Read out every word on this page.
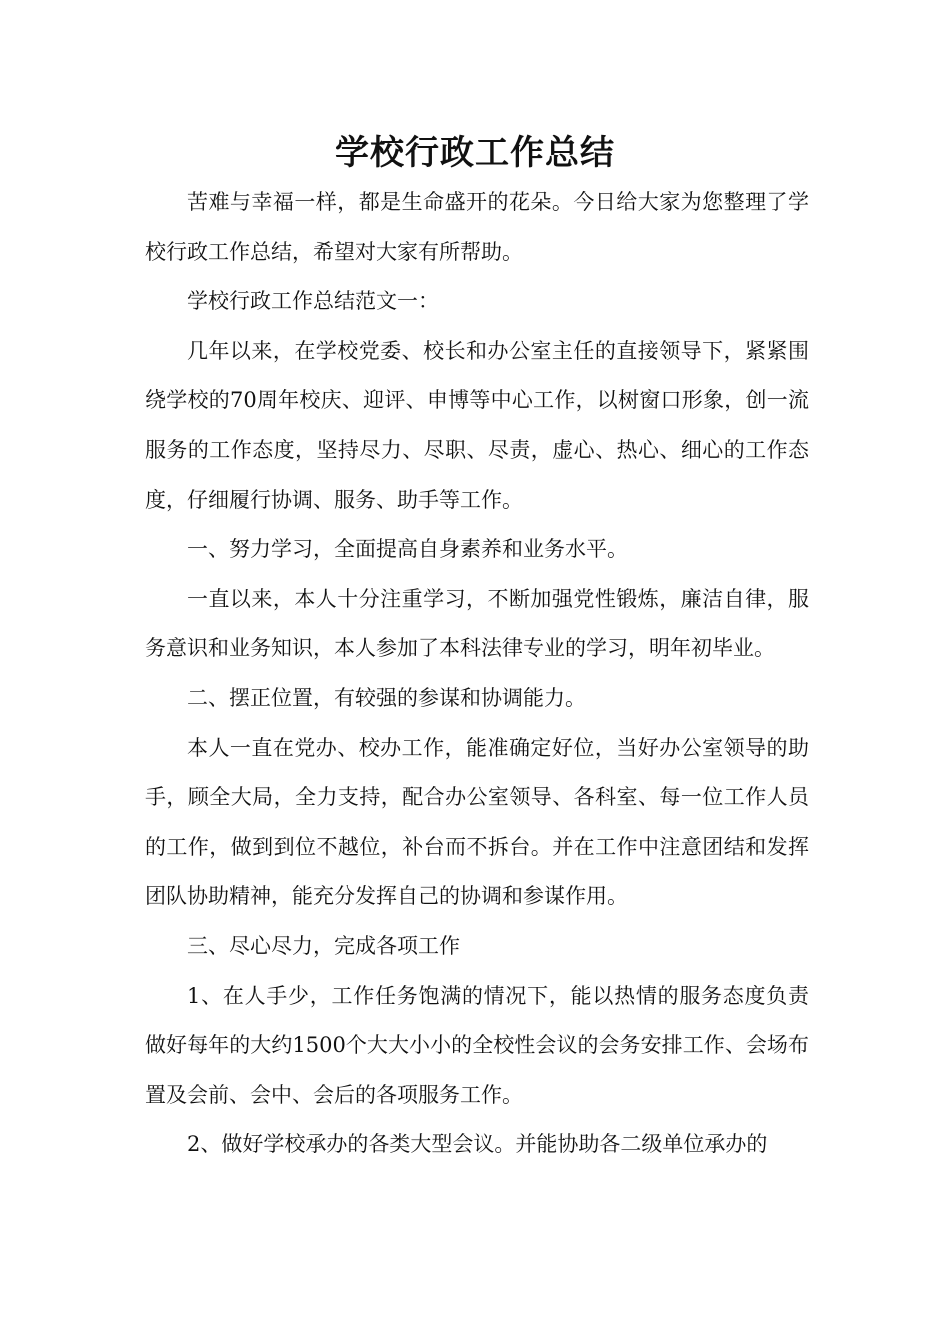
学校行政工作总结

苦难与幸福一样，都是生命盛开的花朵。今日给大家为您整理了学校行政工作总结，希望对大家有所帮助。

学校行政工作总结范文一：

几年以来，在学校党委、校长和办公室主任的直接领导下，紧紧围绕学校的70周年校庆、迎评、申博等中心工作，以树窗口形象，创一流服务的工作态度，坚持尽力、尽职、尽责，虚心、热心、细心的工作态度，仔细履行协调、服务、助手等工作。

一、努力学习，全面提高自身素养和业务水平。

一直以来，本人十分注重学习，不断加强党性锻炼，廉洁自律，服务意识和业务知识，本人参加了本科法律专业的学习，明年初毕业。

二、摆正位置，有较强的参谋和协调能力。

本人一直在党办、校办工作，能准确定好位，当好办公室领导的助手，顾全大局，全力支持，配合办公室领导、各科室、每一位工作人员的工作，做到到位不越位，补台而不拆台。并在工作中注意团结和发挥团队协助精神，能充分发挥自己的协调和参谋作用。

三、尽心尽力，完成各项工作

1、在人手少，工作任务饱满的情况下，能以热情的服务态度负责做好每年的大约1500个大大小小的全校性会议的会务安排工作、会场布置及会前、会中、会后的各项服务工作。

2、做好学校承办的各类大型会议。并能协助各二级单位承办的
